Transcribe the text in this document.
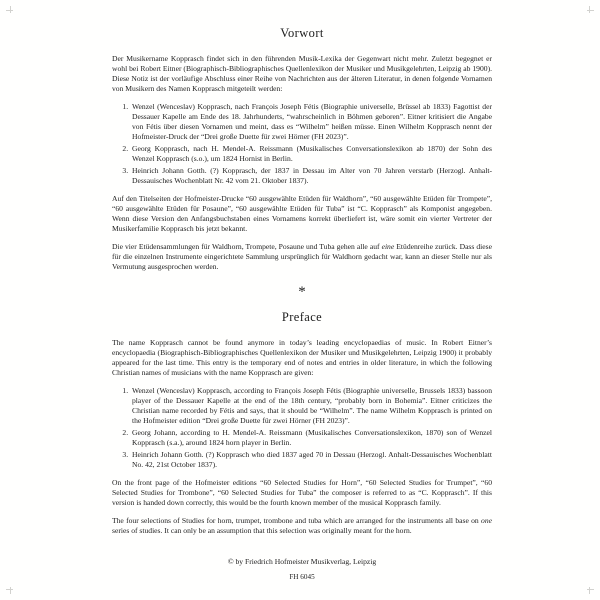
Vorwort

Der Musikername Kopprasch findet sich in den führenden Musik-Lexika der Gegenwart nicht mehr. Zuletzt begegnet er wohl bei Robert Eitner (Biographisch-Bibliographisches Quellenlexikon der Musiker und Musikgelehrten, Leipzig ab 1900). Diese Notiz ist der vorläufige Abschluss einer Reihe von Nachrichten aus der älteren Literatur, in denen folgende Vornamen von Musikern des Namen Kopprasch mitgeteilt werden:

1. Wenzel (Wenceslav) Kopprasch, nach François Joseph Fétis (Biographie universelle, Brüssel ab 1833) Fagottist der Dessauer Kapelle am Ende des 18. Jahrhunderts, “wahrscheinlich in Böhmen geboren”. Eitner kritisiert die Angabe von Fétis über diesen Vornamen und meint, dass es “Wilhelm” heißen müsse. Einen Wilhelm Kopprasch nennt der Hofmeister-Druck der “Drei große Duette für zwei Hörner (FH 2023)”.
2. Georg Kopprasch, nach H. Mendel-A. Reissmann (Musikalisches Conversationslexikon ab 1870) der Sohn des Wenzel Kopprasch (s.o.), um 1824 Hornist in Berlin.
3. Heinrich Johann Gotth. (?) Kopprasch, der 1837 in Dessau im Alter von 70 Jahren verstarb (Herzogl. Anhalt-Dessauisches Wochenblatt Nr. 42 vom 21. Oktober 1837).

Auf den Titelseiten der Hofmeister-Drucke “60 ausgewählte Etüden für Waldhorn”, “60 ausgewählte Etüden für Trompete”, “60 ausgewählte Etüden für Posaune”, “60 ausgewählte Etüden für Tuba” ist “C. Kopprasch” als Komponist angegeben. Wenn diese Version den Anfangsbuchstaben eines Vornamens korrekt überliefert ist, wäre somit ein vierter Vertreter der Musikerfamilie Kopprasch bis jetzt bekannt.

Die vier Etüdensammlungen für Waldhorn, Trompete, Posaune und Tuba gehen alle auf eine Etüdenreihe zurück. Dass diese für die einzelnen Instrumente eingerichtete Sammlung ursprünglich für Waldhorn gedacht war, kann an dieser Stelle nur als Vermutung ausgesprochen werden.

*
Preface

The name Kopprasch cannot be found anymore in today’s leading encyclopaedias of music. In Robert Eitner’s encyclopaedia (Biographisch-Bibliographisches Quellenlexikon der Musiker und Musikgelehrten, Leipzig 1900) it probably appeared for the last time. This entry is the temporary end of notes and entries in older literature, in which the following Christian names of musicians with the name Kopprasch are given:

1. Wenzel (Wenceslav) Kopprasch, according to François Joseph Fétis (Biographie universelle, Brussels 1833) bassoon player of the Dessauer Kapelle at the end of the 18th century, “probably born in Bohemia”. Eitner criticizes the Christian name recorded by Fétis and says, that it should be “Wilhelm”. The name Wilhelm Kopprasch is printed on the Hofmeister edition “Drei große Duette für zwei Hörner (FH 2023)”.
2. Georg Johann, according to H. Mendel-A. Reissmann (Musikalisches Conversationslexikon, 1870) son of Wenzel Kopprasch (s.a.), around 1824 horn player in Berlin.
3. Heinrich Johann Gotth. (?) Kopprasch who died 1837 aged 70 in Dessau (Herzogl. Anhalt-Dessauisches Wochenblatt No. 42, 21st October 1837).

On the front page of the Hofmeister editions “60 Selected Studies for Horn”, “60 Selected Studies for Trumpet”, “60 Selected Studies for Trombone”, “60 Selected Studies for Tuba” the composer is referred to as “C. Kopprasch”. If this version is handed down correctly, this would be the fourth known member of the musical Kopprasch family.

The four selections of Studies for horn, trumpet, trombone and tuba which are arranged for the instruments all base on one series of studies. It can only be an assumption that this selection was originally meant for the horn.

© by Friedrich Hofmeister Musikverlag, Leipzig
FH 6045
